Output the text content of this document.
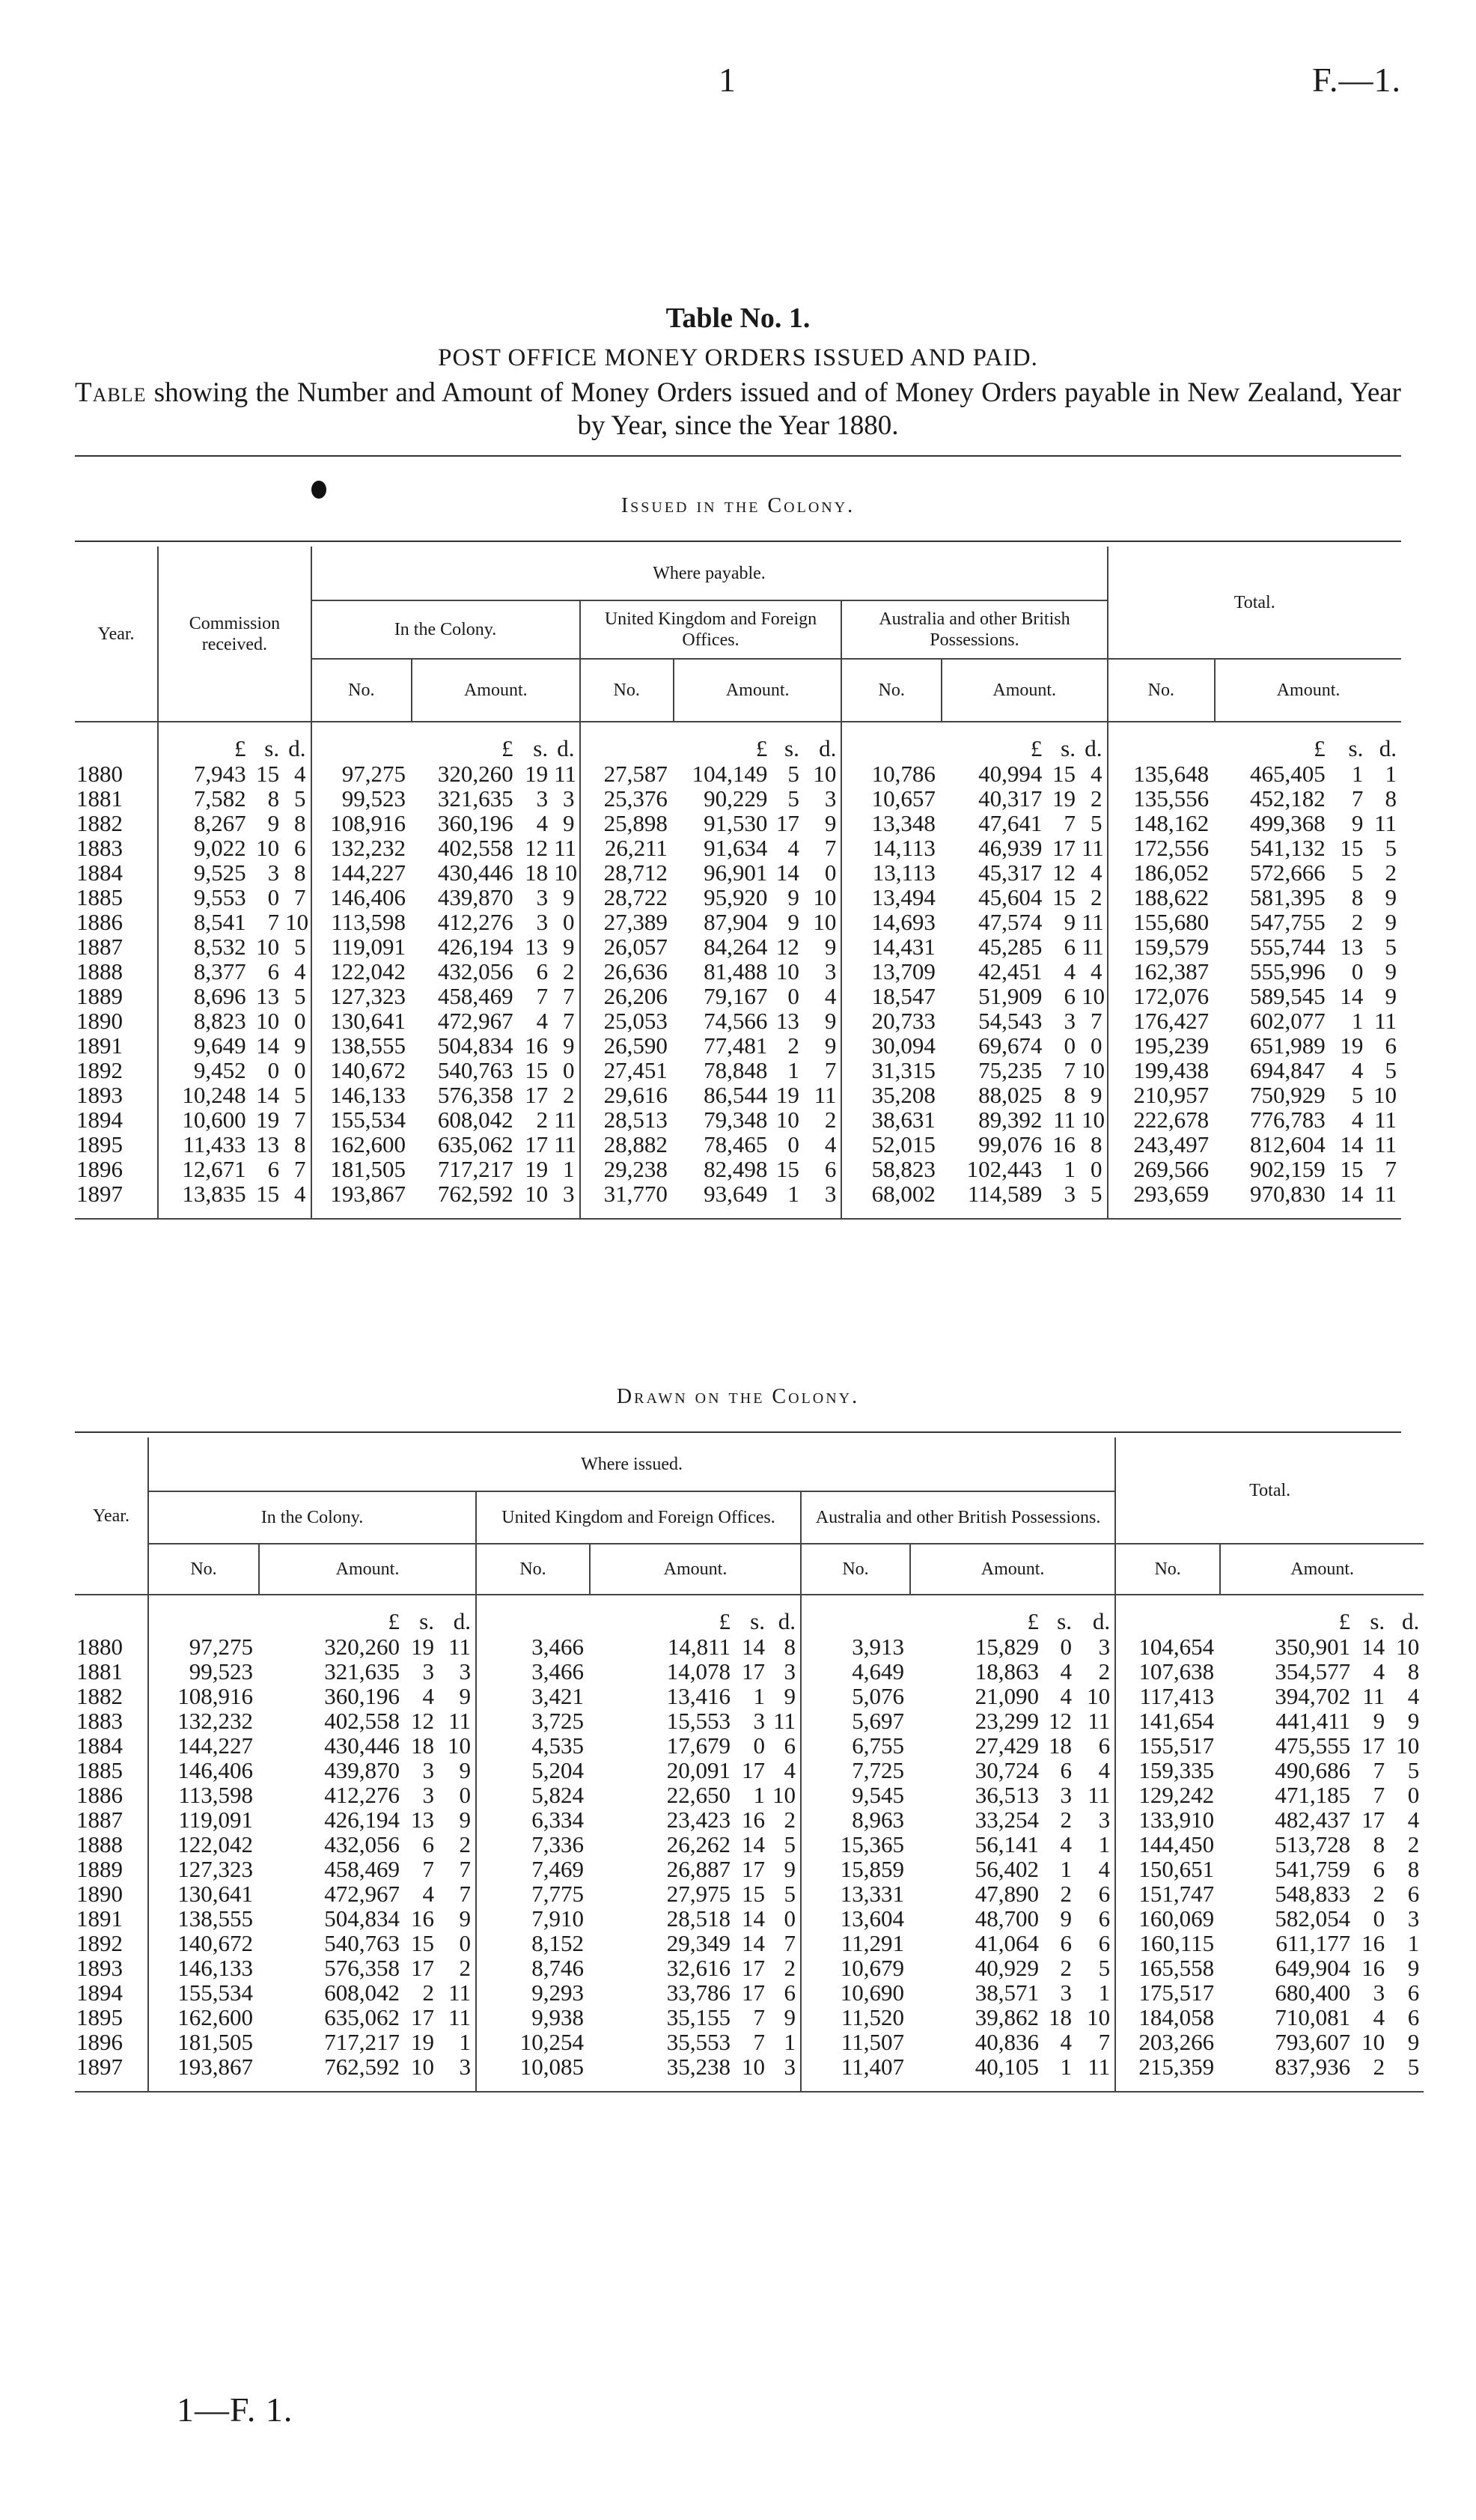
1	F.—1.
Table No. 1.
POST OFFICE MONEY ORDERS ISSUED AND PAID.
Table showing the Number and Amount of Money Orders issued and of Money Orders payable in New Zealand, Year by Year, since the Year 1880.
Issued in the Colony.
Year.	Commission received.			Where payable.												Total.			
				In the Colony.				United Kingdom and Foreign Offices.				Australia and other British Possessions.							
				No.	Amount.			No.	Amount.			No.	Amount.			No.	Amount.		
	£	s.	d.		£	s.	d.		£	s.	d.		£	s.	d.		£	s.	d.
1880	7,943	15	4	97,275	320,260	19	11	27,587	104,149	5	10	10,786	40,994	15	4	135,648	465,405	1	1
1881	7,582	8	5	99,523	321,635	3	3	25,376	90,229	5	3	10,657	40,317	19	2	135,556	452,182	7	8
1882	8,267	9	8	108,916	360,196	4	9	25,898	91,530	17	9	13,348	47,641	7	5	148,162	499,368	9	11
1883	9,022	10	6	132,232	402,558	12	11	26,211	91,634	4	7	14,113	46,939	17	11	172,556	541,132	15	5
1884	9,525	3	8	144,227	430,446	18	10	28,712	96,901	14	0	13,113	45,317	12	4	186,052	572,666	5	2
1885	9,553	0	7	146,406	439,870	3	9	28,722	95,920	9	10	13,494	45,604	15	2	188,622	581,395	8	9
1886	8,541	7	10	113,598	412,276	3	0	27,389	87,904	9	10	14,693	47,574	9	11	155,680	547,755	2	9
1887	8,532	10	5	119,091	426,194	13	9	26,057	84,264	12	9	14,431	45,285	6	11	159,579	555,744	13	5
1888	8,377	6	4	122,042	432,056	6	2	26,636	81,488	10	3	13,709	42,451	4	4	162,387	555,996	0	9
1889	8,696	13	5	127,323	458,469	7	7	26,206	79,167	0	4	18,547	51,909	6	10	172,076	589,545	14	9
1890	8,823	10	0	130,641	472,967	4	7	25,053	74,566	13	9	20,733	54,543	3	7	176,427	602,077	1	11
1891	9,649	14	9	138,555	504,834	16	9	26,590	77,481	2	9	30,094	69,674	0	0	195,239	651,989	19	6
1892	9,452	0	0	140,672	540,763	15	0	27,451	78,848	1	7	31,315	75,235	7	10	199,438	694,847	4	5
1893	10,248	14	5	146,133	576,358	17	2	29,616	86,544	19	11	35,208	88,025	8	9	210,957	750,929	5	10
1894	10,600	19	7	155,534	608,042	2	11	28,513	79,348	10	2	38,631	89,392	11	10	222,678	776,783	4	11
1895	11,433	13	8	162,600	635,062	17	11	28,882	78,465	0	4	52,015	99,076	16	8	243,497	812,604	14	11
1896	12,671	6	7	181,505	717,217	19	1	29,238	82,498	15	6	58,823	102,443	1	0	269,566	902,159	15	7
1897	13,835	15	4	193,867	762,592	10	3	31,770	93,649	1	3	68,002	114,589	3	5	293,659	970,830	14	11
Drawn on the Colony.
Year.	Where issued.												Total.			
	In the Colony.				United Kingdom and Foreign Offices.				Australia and other British Possessions.							
	No.	Amount.			No.	Amount.			No.	Amount.			No.	Amount.		
		£	s.	d.		£	s.	d.		£	s.	d.		£	s.	d.
1880	97,275	320,260	19	11	3,466	14,811	14	8	3,913	15,829	0	3	104,654	350,901	14	10
1881	99,523	321,635	3	3	3,466	14,078	17	3	4,649	18,863	4	2	107,638	354,577	4	8
1882	108,916	360,196	4	9	3,421	13,416	1	9	5,076	21,090	4	10	117,413	394,702	11	4
1883	132,232	402,558	12	11	3,725	15,553	3	11	5,697	23,299	12	11	141,654	441,411	9	9
1884	144,227	430,446	18	10	4,535	17,679	0	6	6,755	27,429	18	6	155,517	475,555	17	10
1885	146,406	439,870	3	9	5,204	20,091	17	4	7,725	30,724	6	4	159,335	490,686	7	5
1886	113,598	412,276	3	0	5,824	22,650	1	10	9,545	36,513	3	11	129,242	471,185	7	0
1887	119,091	426,194	13	9	6,334	23,423	16	2	8,963	33,254	2	3	133,910	482,437	17	4
1888	122,042	432,056	6	2	7,336	26,262	14	5	15,365	56,141	4	1	144,450	513,728	8	2
1889	127,323	458,469	7	7	7,469	26,887	17	9	15,859	56,402	1	4	150,651	541,759	6	8
1890	130,641	472,967	4	7	7,775	27,975	15	5	13,331	47,890	2	6	151,747	548,833	2	6
1891	138,555	504,834	16	9	7,910	28,518	14	0	13,604	48,700	9	6	160,069	582,054	0	3
1892	140,672	540,763	15	0	8,152	29,349	14	7	11,291	41,064	6	6	160,115	611,177	16	1
1893	146,133	576,358	17	2	8,746	32,616	17	2	10,679	40,929	2	5	165,558	649,904	16	9
1894	155,534	608,042	2	11	9,293	33,786	17	6	10,690	38,571	3	1	175,517	680,400	3	6
1895	162,600	635,062	17	11	9,938	35,155	7	9	11,520	39,862	18	10	184,058	710,081	4	6
1896	181,505	717,217	19	1	10,254	35,553	7	1	11,507	40,836	4	7	203,266	793,607	10	9
1897	193,867	762,592	10	3	10,085	35,238	10	3	11,407	40,105	1	11	215,359	837,936	2	5
1—F. 1.
